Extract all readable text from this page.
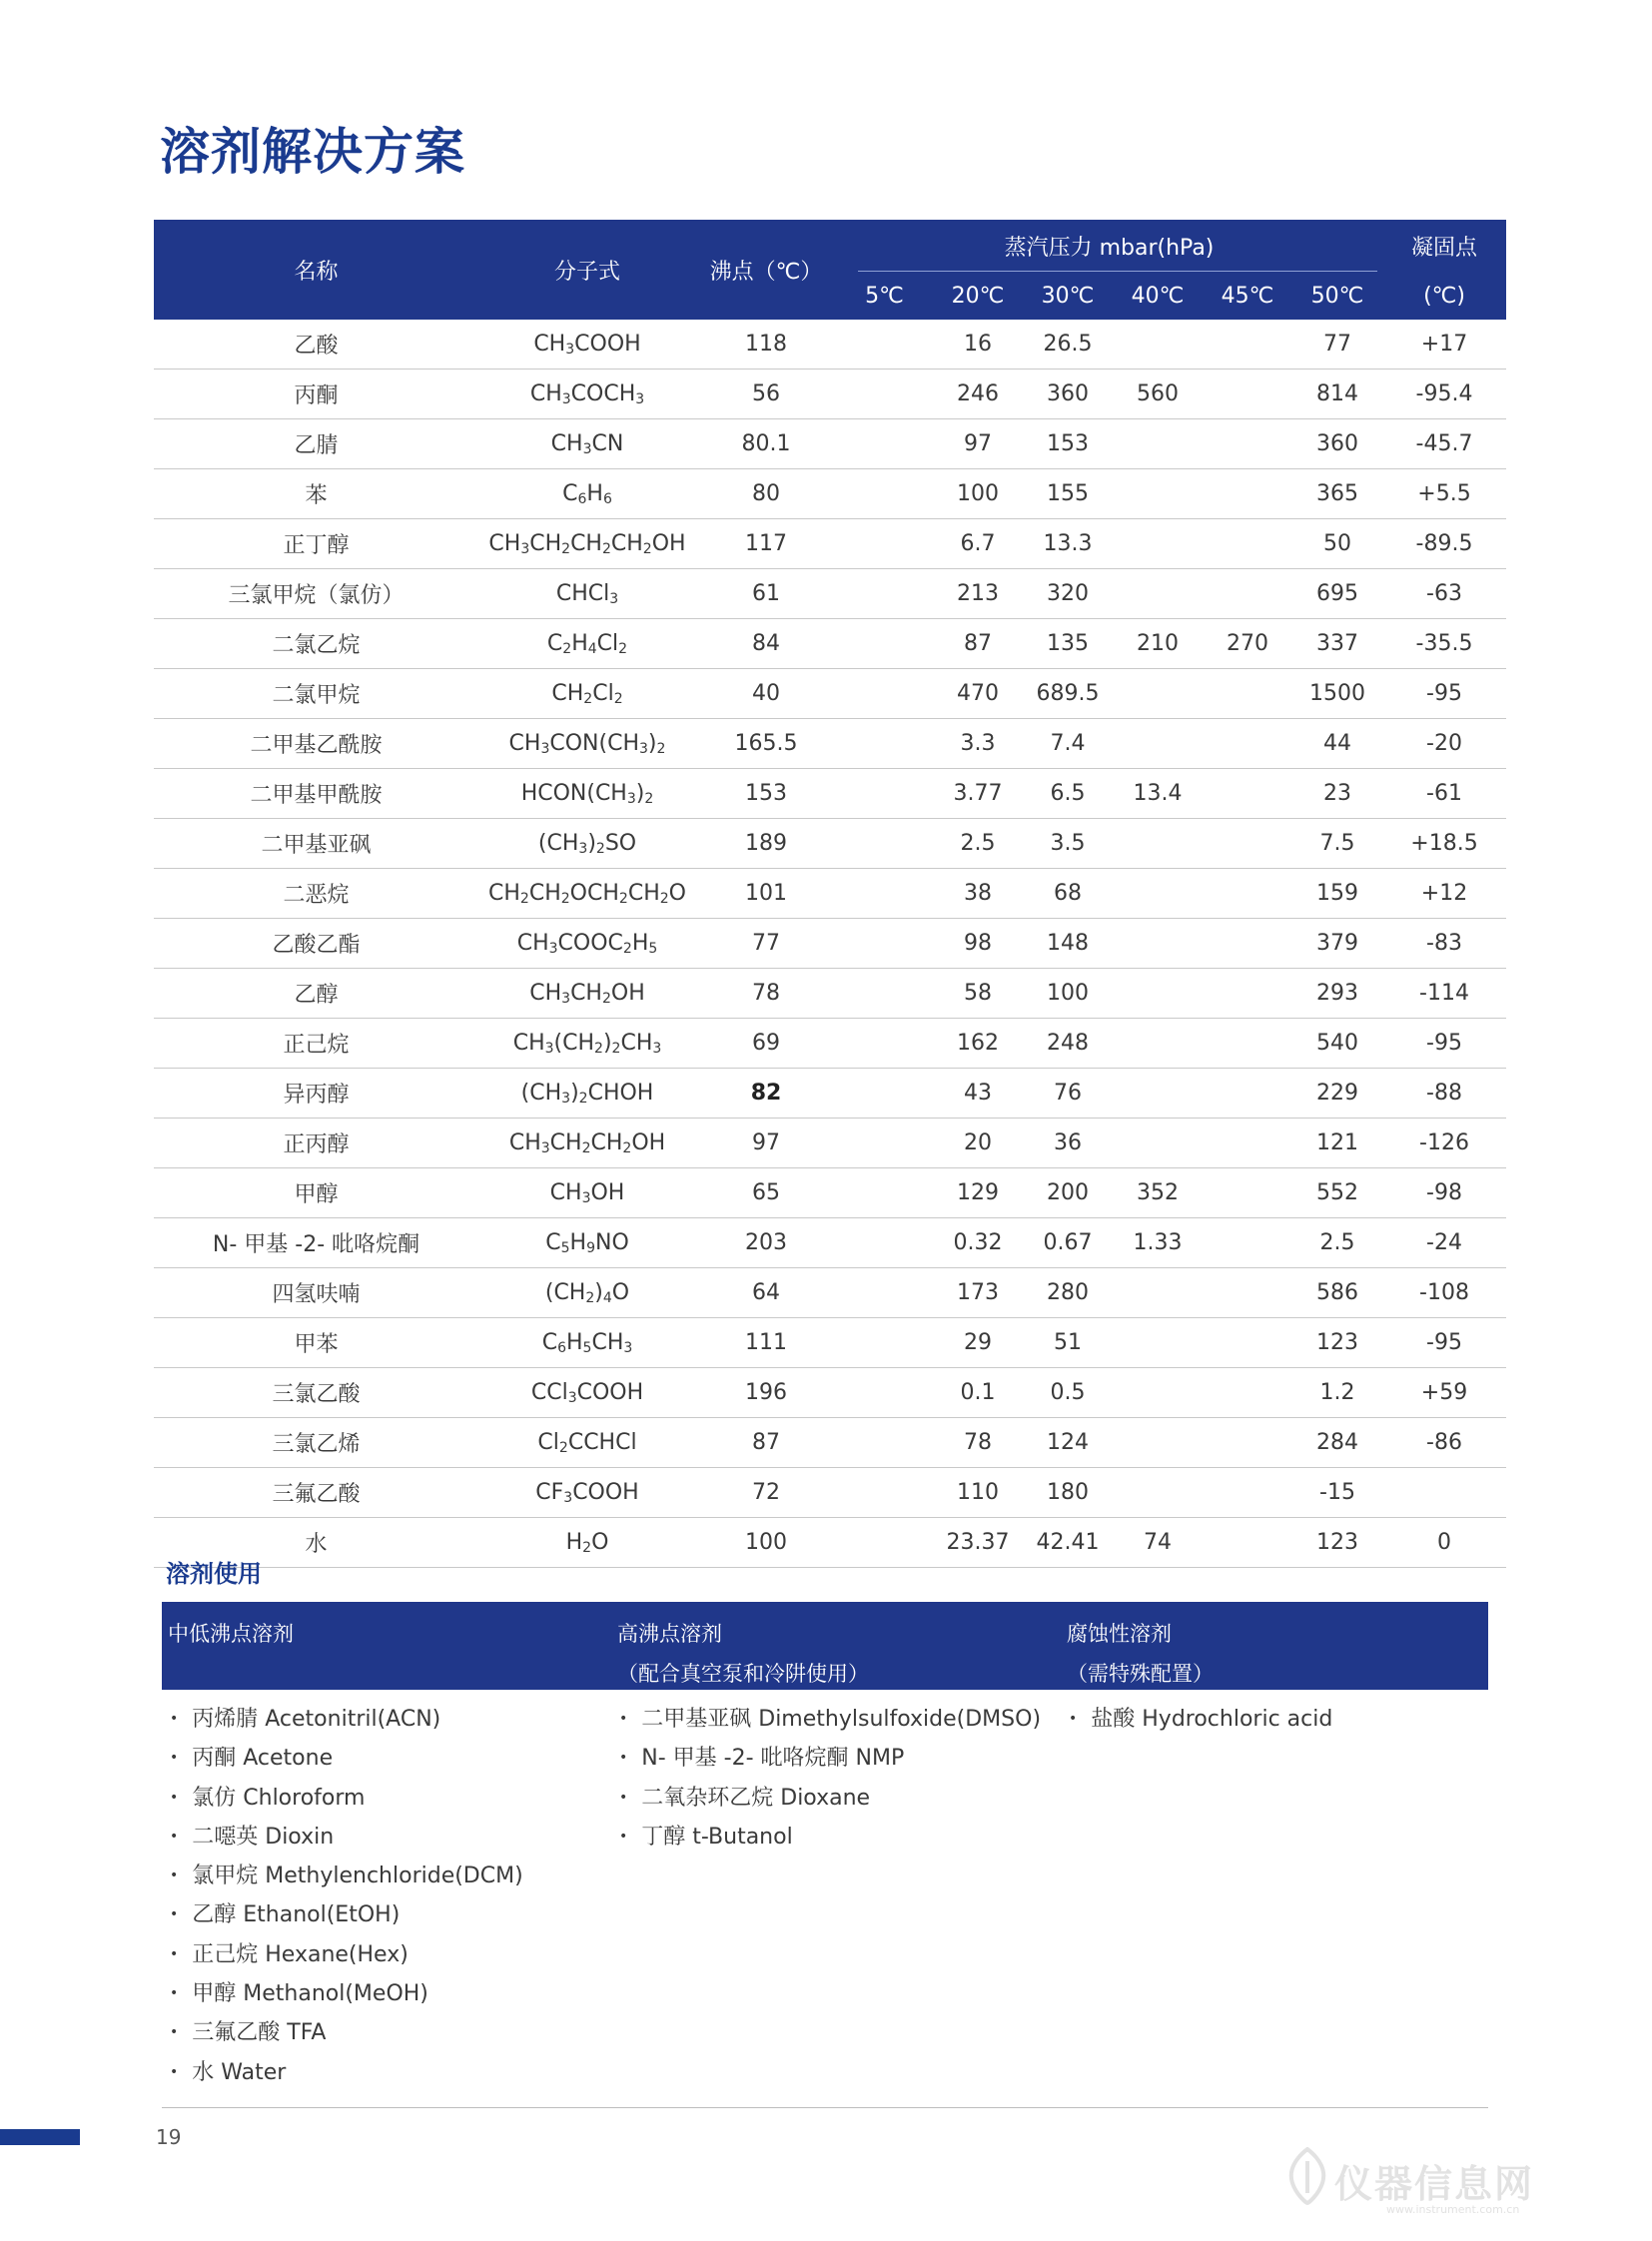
溶剂解决方案
名称	分子式	沸点（℃）	蒸汽压力 mbar(hPa)						凝固点
			5℃	20℃	30℃	40℃	45℃	50℃	(℃)
乙酸	$CH_3COOH$	118		16	26.5			77	+17
丙酮	$CH_3COCH_3$	56		246	360	560		814	-95.4
乙腈	$CH_3CN$	80.1		97	153			360	-45.7
苯	$C_6H_6$	80		100	155			365	+5.5
正丁醇	$CH_3CH_2CH_2CH_2OH$	117		6.7	13.3			50	-89.5
三氯甲烷（氯仿）	CHCl$_3$	61		213	320			695	-63
二氯乙烷	$C_2H_4Cl_2$	84		87	135	210	270	337	-35.5
二氯甲烷	$CH_2Cl_2$	40		470	689.5			1500	-95
二甲基乙酰胺	$CH_3CON(CH_3)_2$	165.5		3.3	7.4			44	-20
二甲基甲酰胺	$HCON(CH_3)_2$	153		3.77	6.5	13.4		23	-61
二甲基亚砜	$(CH_3)_2SO$	189		2.5	3.5			7.5	+18.5
二恶烷	$CH_2CH_2OCH_2CH_2O$	101		38	68			159	+12
乙酸乙酯	$CH_3COOC_2H_5$	77		98	148			379	-83
乙醇	$CH_3CH_2OH$	78		58	100			293	-114
正己烷	$CH_3(CH_2)_2CH_3$	69		162	248			540	-95
异丙醇	$(CH_3)_2CHOH$	82		43	76			229	-88
正丙醇	$CH_3CH_2CH_2OH$	97		20	36			121	-126
甲醇	$CH_3OH$	65		129	200	352		552	-98
N- 甲基 -2- 吡咯烷酮	$C_5H_9NO$	203		0.32	0.67	1.33		2.5	-24
四氢呋喃	$(CH_2)_4O$	64		173	280			586	-108
甲苯	$C_6H_5CH_3$	111		29	51			123	-95
三氯乙酸	CCl$_3$COOH	196		0.1	0.5			1.2	+59
三氯乙烯	$Cl_2CCHCl$	87		78	124			284	-86
三氟乙酸	$CF_3COOH$	72		110	180			-15	
水	$H_2O$	100		23.37	42.41	74		123	0
溶剂使用
中低沸点溶剂	高沸点溶剂
（配合真空泵和冷阱使用）
腐蚀性溶剂
（需特殊配置）
• 丙烯腈 Acetonitril(ACN)
• 丙酮 Acetone
• 氯仿 Chloroform
• 二噁英 Dioxin
• 氯甲烷 Methylenchloride(DCM)
• 乙醇 Ethanol(EtOH)
• 正己烷 Hexane(Hex)
• 甲醇 Methanol(MeOH)
• 三氟乙酸 TFA
• 水 Water
• 二甲基亚砜 Dimethylsulfoxide(DMSO)
• N- 甲基 -2- 吡咯烷酮 NMP
• 二氧杂环乙烷 Dioxane
• 丁醇 t-Butanol
• 盐酸 Hydrochloric acid
19
仪器信息网
www.instrument.com.cn
